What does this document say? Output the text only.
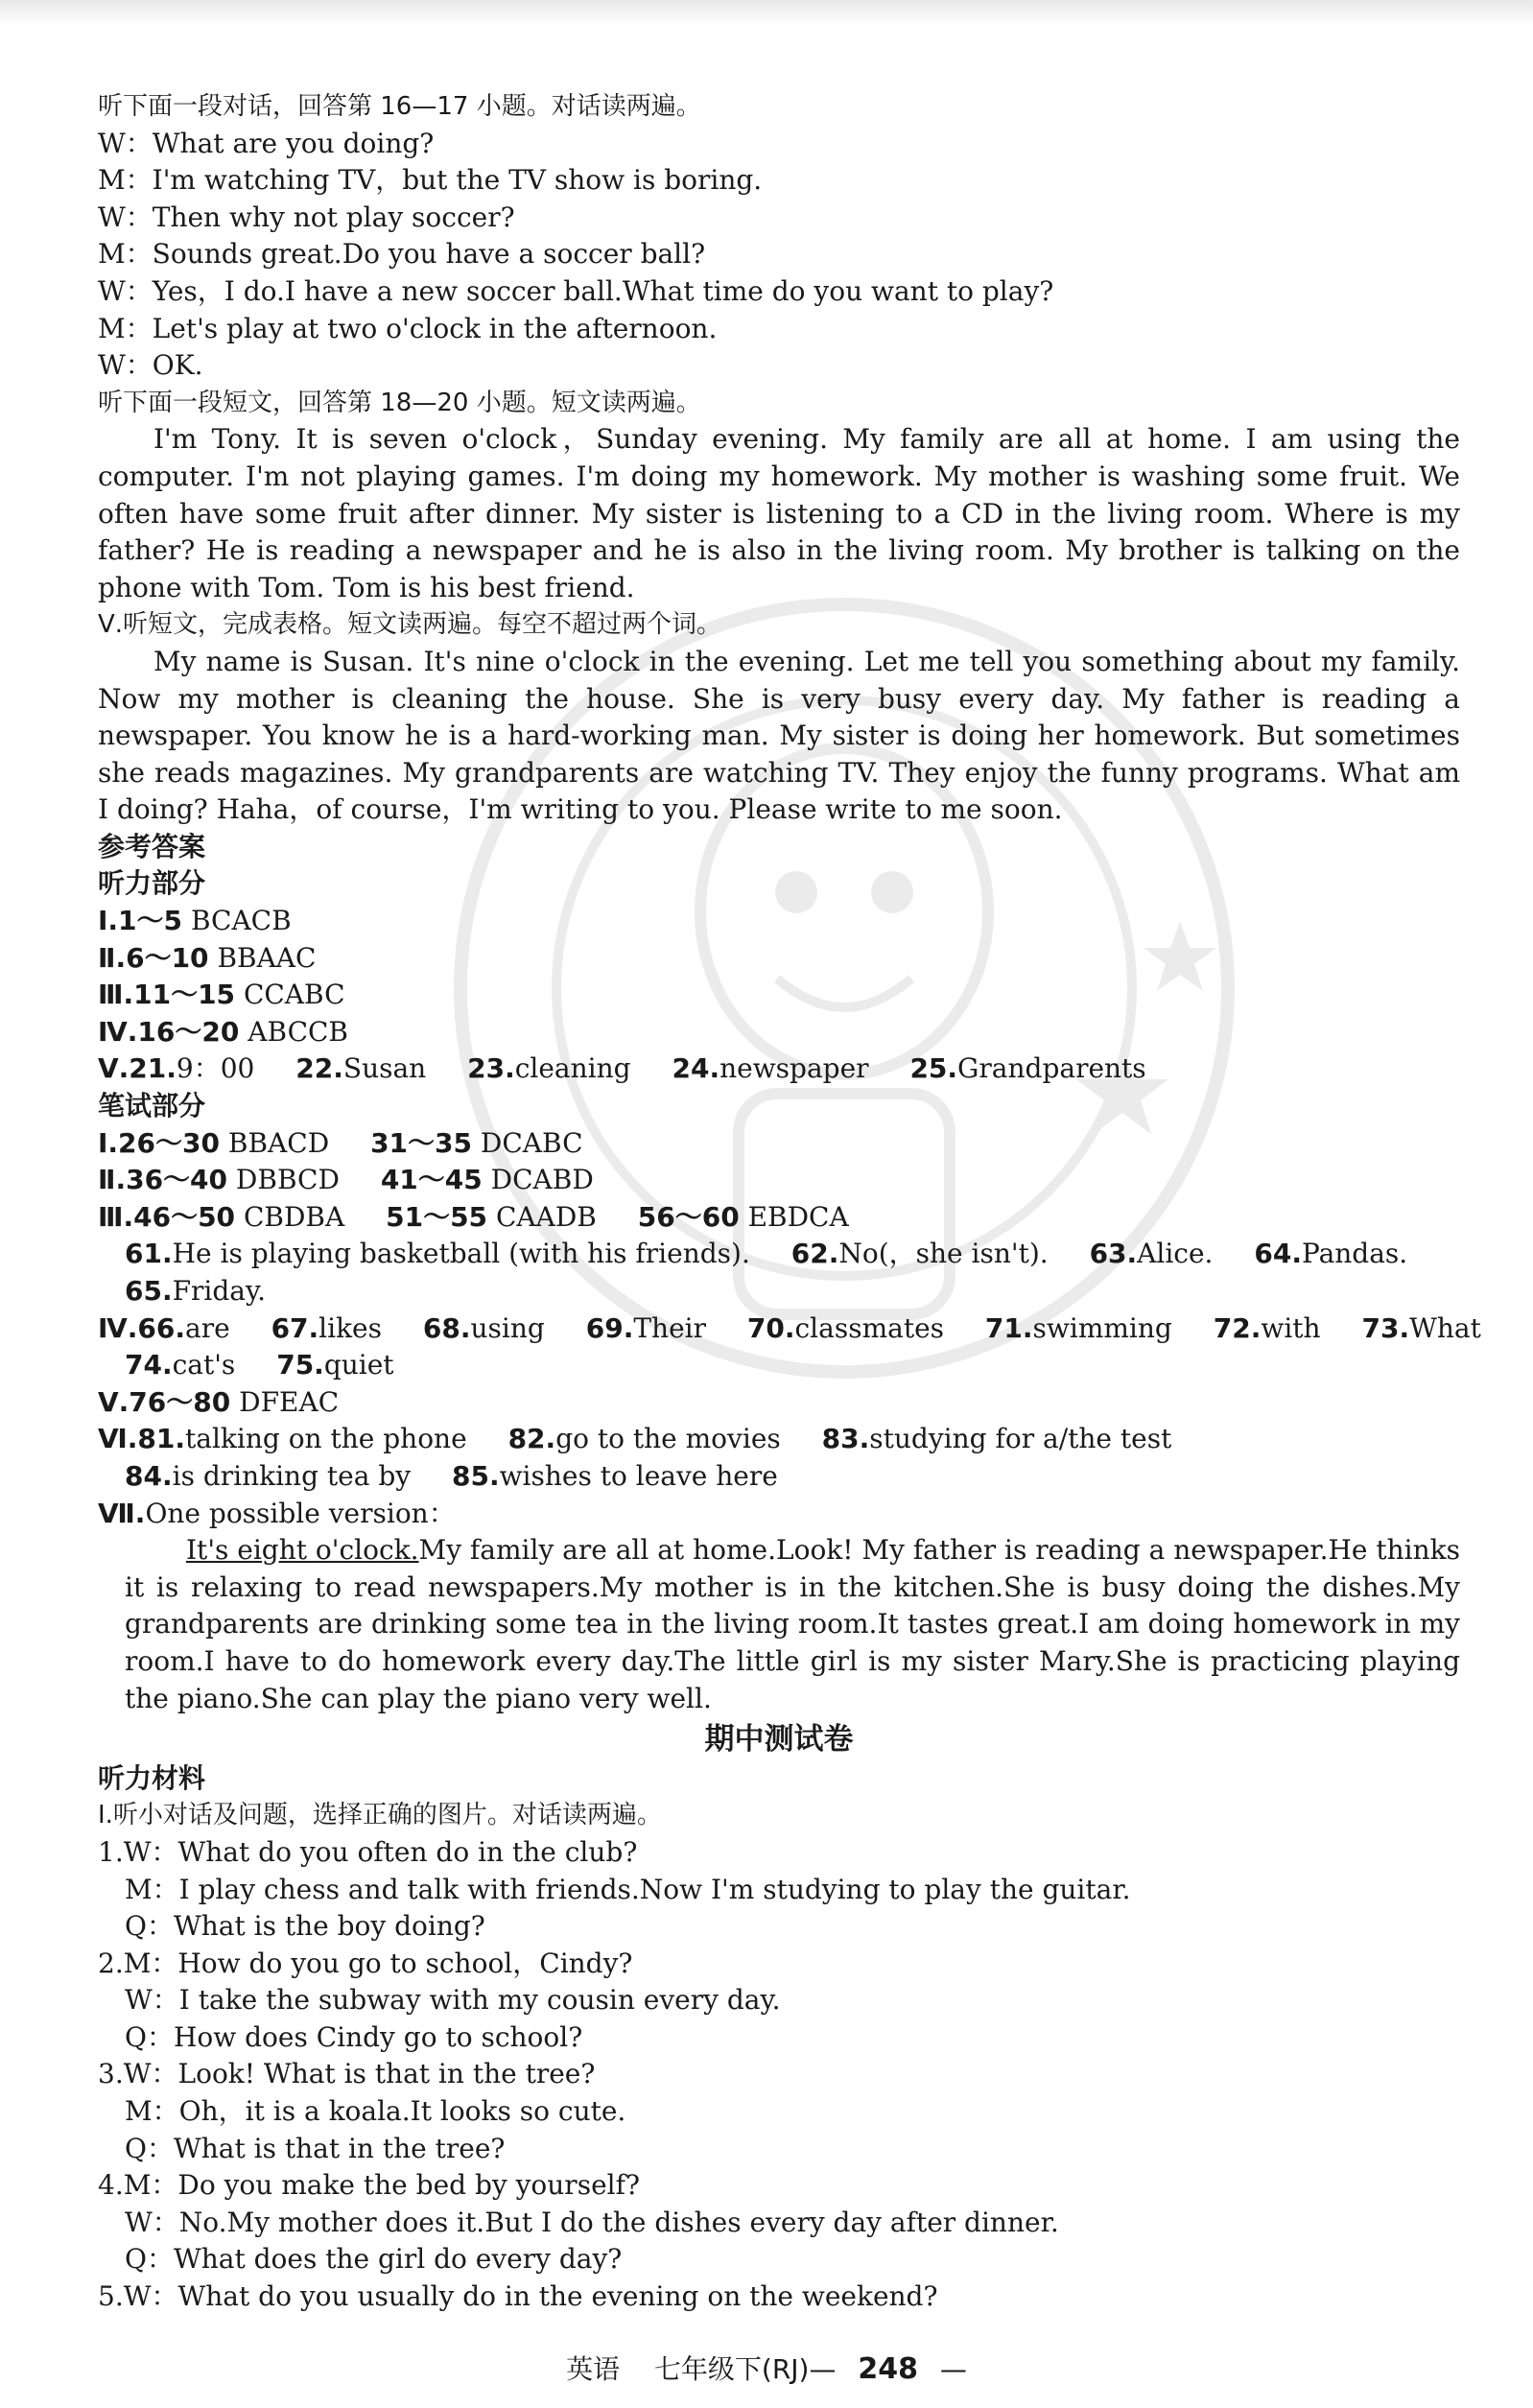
听下面一段对话，回答第 16—17 小题。对话读两遍。

W：What are you doing?

M：I'm watching TV，but the TV show is boring.

W：Then why not play soccer?

M：Sounds great.Do you have a soccer ball?

W：Yes，I do.I have a new soccer ball.What time do you want to play?

M：Let's play at two o'clock in the afternoon.

W：OK.

听下面一段短文，回答第 18—20 小题。短文读两遍。

I'm Tony. It is seven o'clock，Sunday evening. My family are all at home. I am using the computer. I'm not playing games. I'm doing my homework. My mother is washing some fruit. We often have some fruit after dinner. My sister is listening to a CD in the living room. Where is my father? He is reading a newspaper and he is also in the living room. My brother is talking on the phone with Tom. Tom is his best friend.

Ⅴ.听短文，完成表格。短文读两遍。每空不超过两个词。

My name is Susan. It's nine o'clock in the evening. Let me tell you something about my family. Now my mother is cleaning the house. She is very busy every day. My father is reading a newspaper. You know he is a hard-working man. My sister is doing her homework. But sometimes she reads magazines. My grandparents are watching TV. They enjoy the funny programs. What am I doing? Haha，of course，I'm writing to you. Please write to me soon.

参考答案

听力部分

Ⅰ.1～5 BCACB

Ⅱ.6～10 BBAAC

Ⅲ.11～15 CCABC

Ⅳ.16～20 ABCCB

Ⅴ.21.9：00 22.Susan 23.cleaning 24.newspaper 25.Grandparents

笔试部分

Ⅰ.26～30 BBACD 31～35 DCABC

Ⅱ.36～40 DBBCD 41～45 DCABD

Ⅲ.46～50 CBDBA 51～55 CAADB 56～60 EBDCA

61.He is playing basketball (with his friends). 62.No(，she isn't). 63.Alice. 64.Pandas.

65.Friday.

Ⅳ.66.are 67.likes 68.using 69.Their 70.classmates 71.swimming 72.with 73.What

74.cat's 75.quiet

Ⅴ.76～80 DFEAC

Ⅵ.81.talking on the phone 82.go to the movies 83.studying for a/the test

84.is drinking tea by 85.wishes to leave here

Ⅶ.One possible version：

It's eight o'clock.My family are all at home.Look! My father is reading a newspaper.He thinks it is relaxing to read newspapers.My mother is in the kitchen.She is busy doing the dishes.My grandparents are drinking some tea in the living room.It tastes great.I am doing homework in my room.I have to do homework every day.The little girl is my sister Mary.She is practicing playing the piano.She can play the piano very well.

期中测试卷

听力材料

Ⅰ.听小对话及问题，选择正确的图片。对话读两遍。

1.W：What do you often do in the club?

M：I play chess and talk with friends.Now I'm studying to play the guitar.

Q：What is the boy doing?

2.M：How do you go to school，Cindy?

W：I take the subway with my cousin every day.

Q：How does Cindy go to school?

3.W：Look! What is that in the tree?

M：Oh，it is a koala.It looks so cute.

Q：What is that in the tree?

4.M：Do you make the bed by yourself?

W：No.My mother does it.But I do the dishes every day after dinner.

Q：What does the girl do every day?

5.W：What do you usually do in the evening on the weekend?

英语 七年级下(RJ)— 248 —
